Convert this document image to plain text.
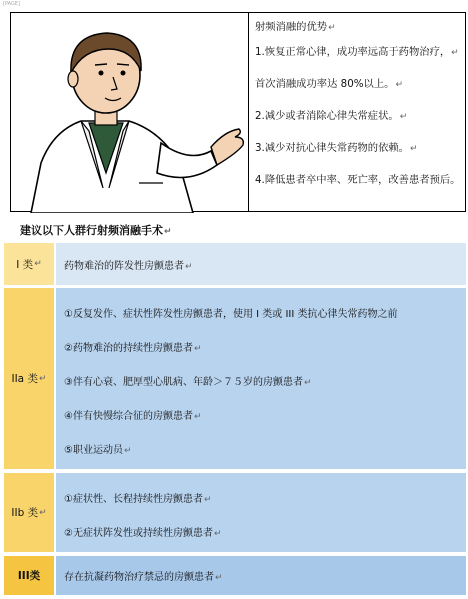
[PAGE]
射频消融的优势↵
1.恢复正常心律，成功率远高于药物治疗，↵
首次消融成功率达 80%以上。↵
2.减少或者消除心律失常症状。↵
3.减少对抗心律失常药物的依赖。↵
4.降低患者卒中率、死亡率，改善患者预后。
建议以下人群行射频消融手术↵
I 类 ↵ 药物难治的阵发性房颤患者↵
IIa 类 ↵
①反复发作、症状性阵发性房颤患者，使用 I 类或 III 类抗心律失常药物之前
②药物难治的持续性房颤患者↵
③伴有心衰、肥厚型心肌病、年龄＞７５岁的房颤患者↵
④伴有快慢综合征的房颤患者↵
⑤职业运动员↵
IIb 类 ↵
①症状性、长程持续性房颤患者↵
②无症状阵发性或持续性房颤患者↵
III类 存在抗凝药物治疗禁忌的房颤患者↵
